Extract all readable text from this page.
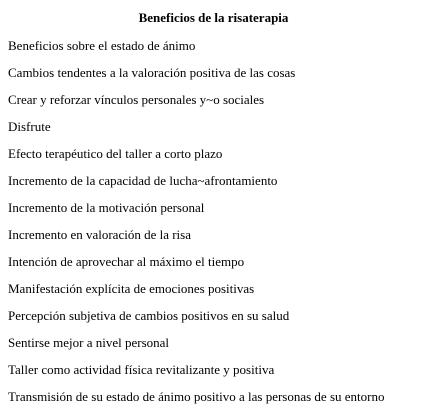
Beneficios de la risaterapia
Beneficios sobre el estado de ánimo
Cambios tendentes a la valoración positiva de las cosas
Crear y reforzar vínculos personales y~o sociales
Disfrute
Efecto terapéutico del taller a corto plazo
Incremento de la capacidad de lucha~afrontamiento
Incremento de la motivación personal
Incremento en valoración de la risa
Intención de aprovechar al máximo el tiempo
Manifestación explícita de emociones positivas
Percepción subjetiva de cambios positivos en su salud
Sentirse mejor a nivel personal
Taller como actividad física revitalizante y positiva
Transmisión de su estado de ánimo positivo a las personas de su entorno
